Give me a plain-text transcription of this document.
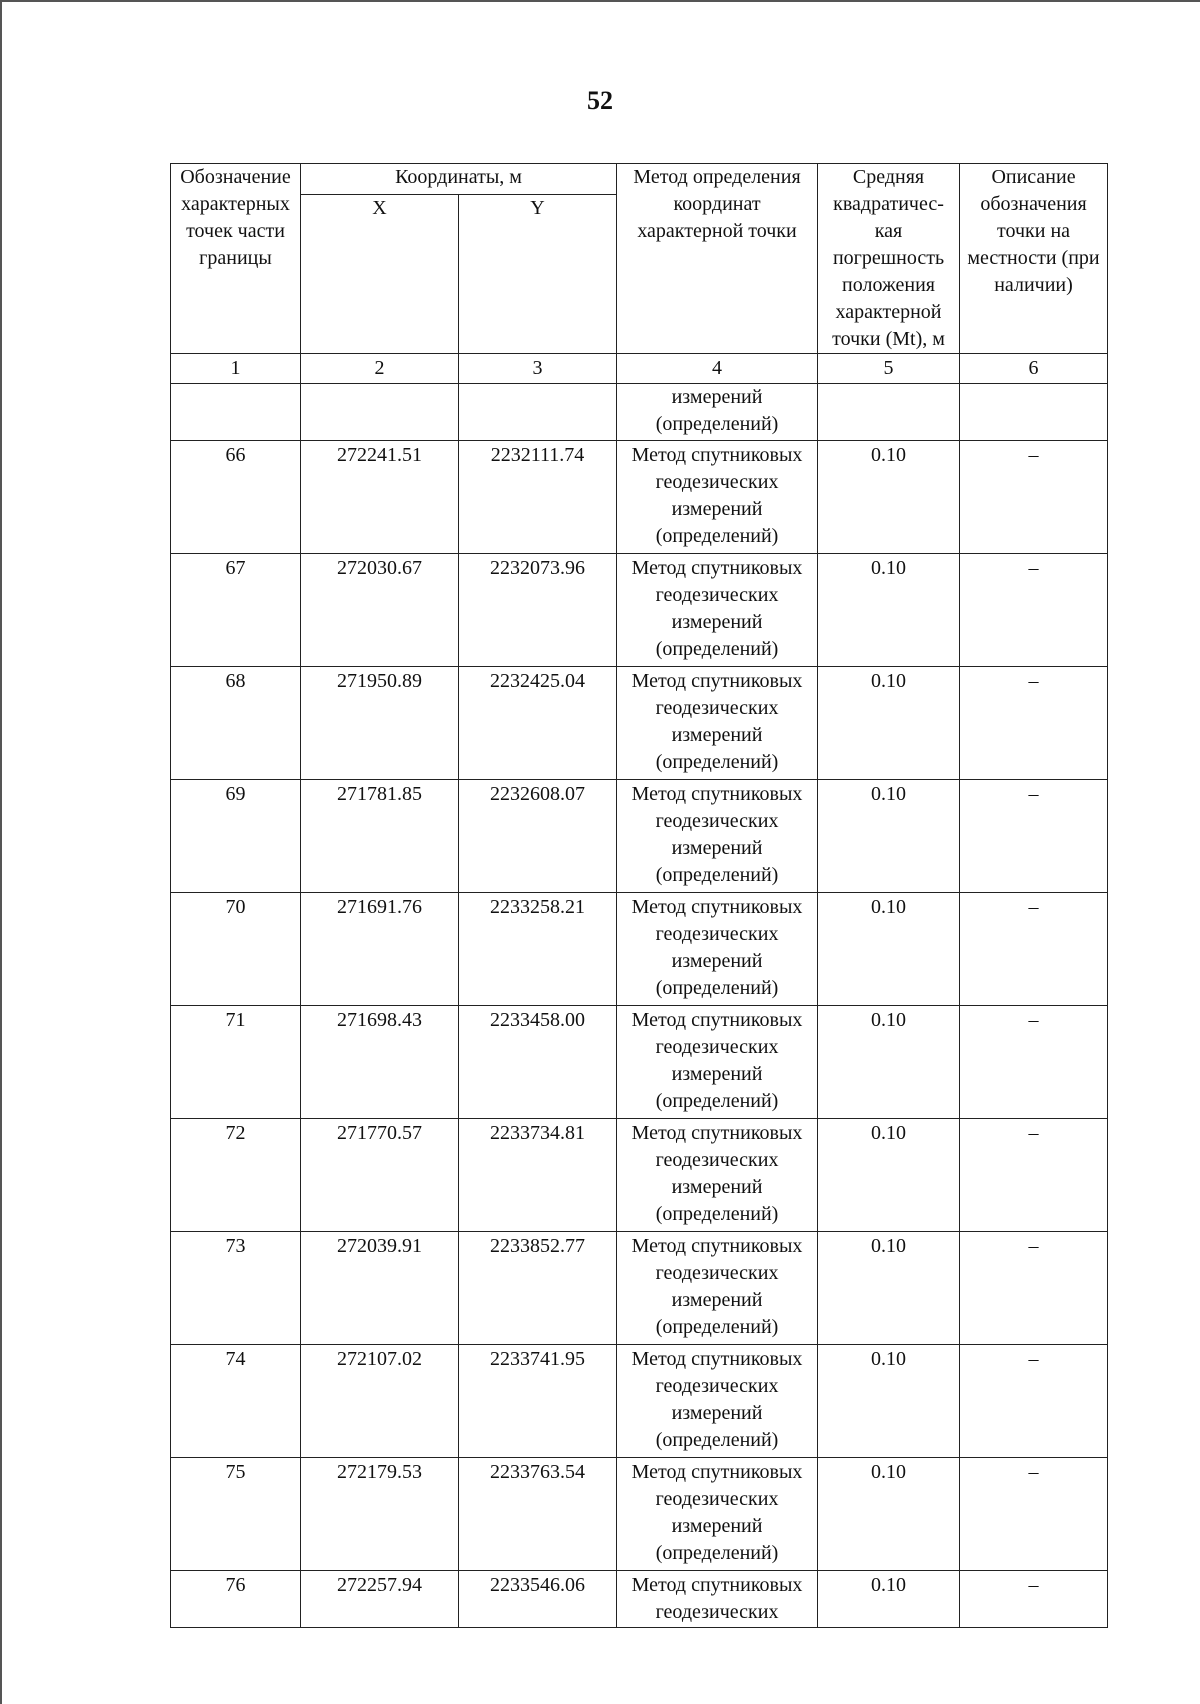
52
Обозначение характерных точек части границы	Координаты, м		Метод определения координат характерной точки	Средняя квадратичес-кая погрешность положения характерной точки (Mt), м	Описание обозначения точки на местности (при наличии)
	X	Y			
1	2	3	4	5	6

			измерений
(определений)		

66	272241.51	2232111.74	Метод спутниковых
геодезических
измерений
(определений)	0.10	–
67	272030.67	2232073.96	Метод спутниковых
геодезических
измерений
(определений)	0.10	–
68	271950.89	2232425.04	Метод спутниковых
геодезических
измерений
(определений)	0.10	–
69	271781.85	2232608.07	Метод спутниковых
геодезических
измерений
(определений)	0.10	–
70	271691.76	2233258.21	Метод спутниковых
геодезических
измерений
(определений)	0.10	–
71	271698.43	2233458.00	Метод спутниковых
геодезических
измерений
(определений)	0.10	–
72	271770.57	2233734.81	Метод спутниковых
геодезических
измерений
(определений)	0.10	–
73	272039.91	2233852.77	Метод спутниковых
геодезических
измерений
(определений)	0.10	–
74	272107.02	2233741.95	Метод спутниковых
геодезических
измерений
(определений)	0.10	–
75	272179.53	2233763.54	Метод спутниковых
геодезических
измерений
(определений)	0.10	–
76	272257.94	2233546.06	Метод спутниковых
геодезических	0.10	–
